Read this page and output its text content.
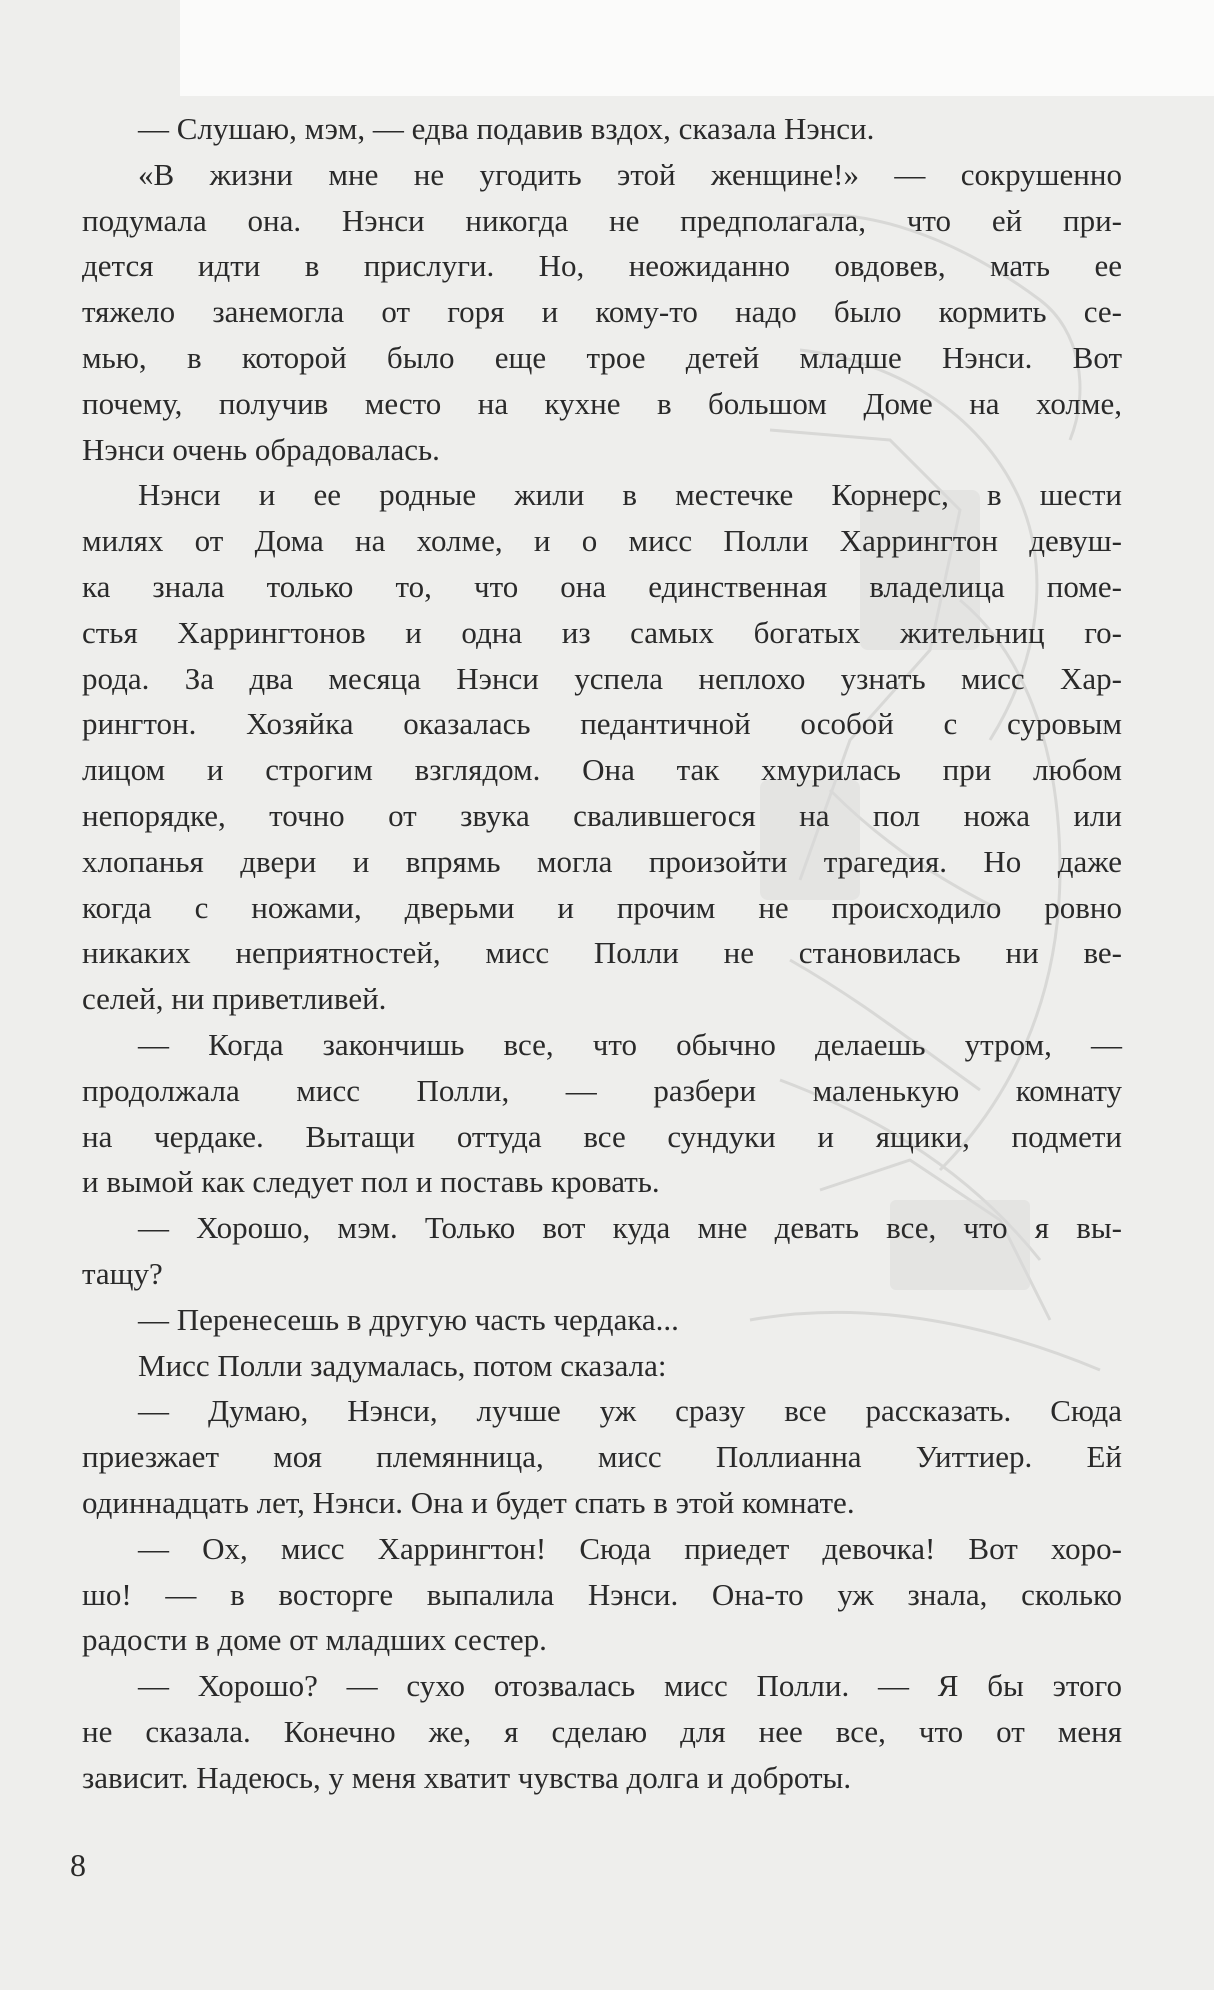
— Слушаю, мэм, — едва подавив вздох, сказала Нэнси.
«В жизни мне не угодить этой женщине!» — сокрушенно
подумала она. Нэнси никогда не предполагала, что ей при-
дется идти в прислуги. Но, неожиданно овдовев, мать ее
тяжело занемогла от горя и кому-то надо было кормить се-
мью, в которой было еще трое детей младше Нэнси. Вот
почему, получив место на кухне в большом Доме на холме,
Нэнси очень обрадовалась.
Нэнси и ее родные жили в местечке Корнерс, в шести
милях от Дома на холме, и о мисс Полли Харрингтон девуш-
ка знала только то, что она единственная владелица поме-
стья Харрингтонов и одна из самых богатых жительниц го-
рода. За два месяца Нэнси успела неплохо узнать мисс Хар-
рингтон. Хозяйка оказалась педантичной особой с суровым
лицом и строгим взглядом. Она так хмурилась при любом
непорядке, точно от звука свалившегося на пол ножа или
хлопанья двери и впрямь могла произойти трагедия. Но даже
когда с ножами, дверьми и прочим не происходило ровно
никаких неприятностей, мисс Полли не становилась ни ве-
селей, ни приветливей.
— Когда закончишь все, что обычно делаешь утром, —
продолжала мисс Полли, — разбери маленькую комнату
на чердаке. Вытащи оттуда все сундуки и ящики, подмети
и вымой как следует пол и поставь кровать.
— Хорошо, мэм. Только вот куда мне девать все, что я вы-
тащу?
— Перенесешь в другую часть чердака...
Мисс Полли задумалась, потом сказала:
— Думаю, Нэнси, лучше уж сразу все рассказать. Сюда
приезжает моя племянница, мисс Поллианна Уиттиер. Ей
одиннадцать лет, Нэнси. Она и будет спать в этой комнате.
— Ох, мисс Харрингтон! Сюда приедет девочка! Вот хоро-
шо! — в восторге выпалила Нэнси. Она-то уж знала, сколько
радости в доме от младших сестер.
— Хорошо? — сухо отозвалась мисс Полли. — Я бы этого
не сказала. Конечно же, я сделаю для нее все, что от меня
зависит. Надеюсь, у меня хватит чувства долга и доброты.
8
